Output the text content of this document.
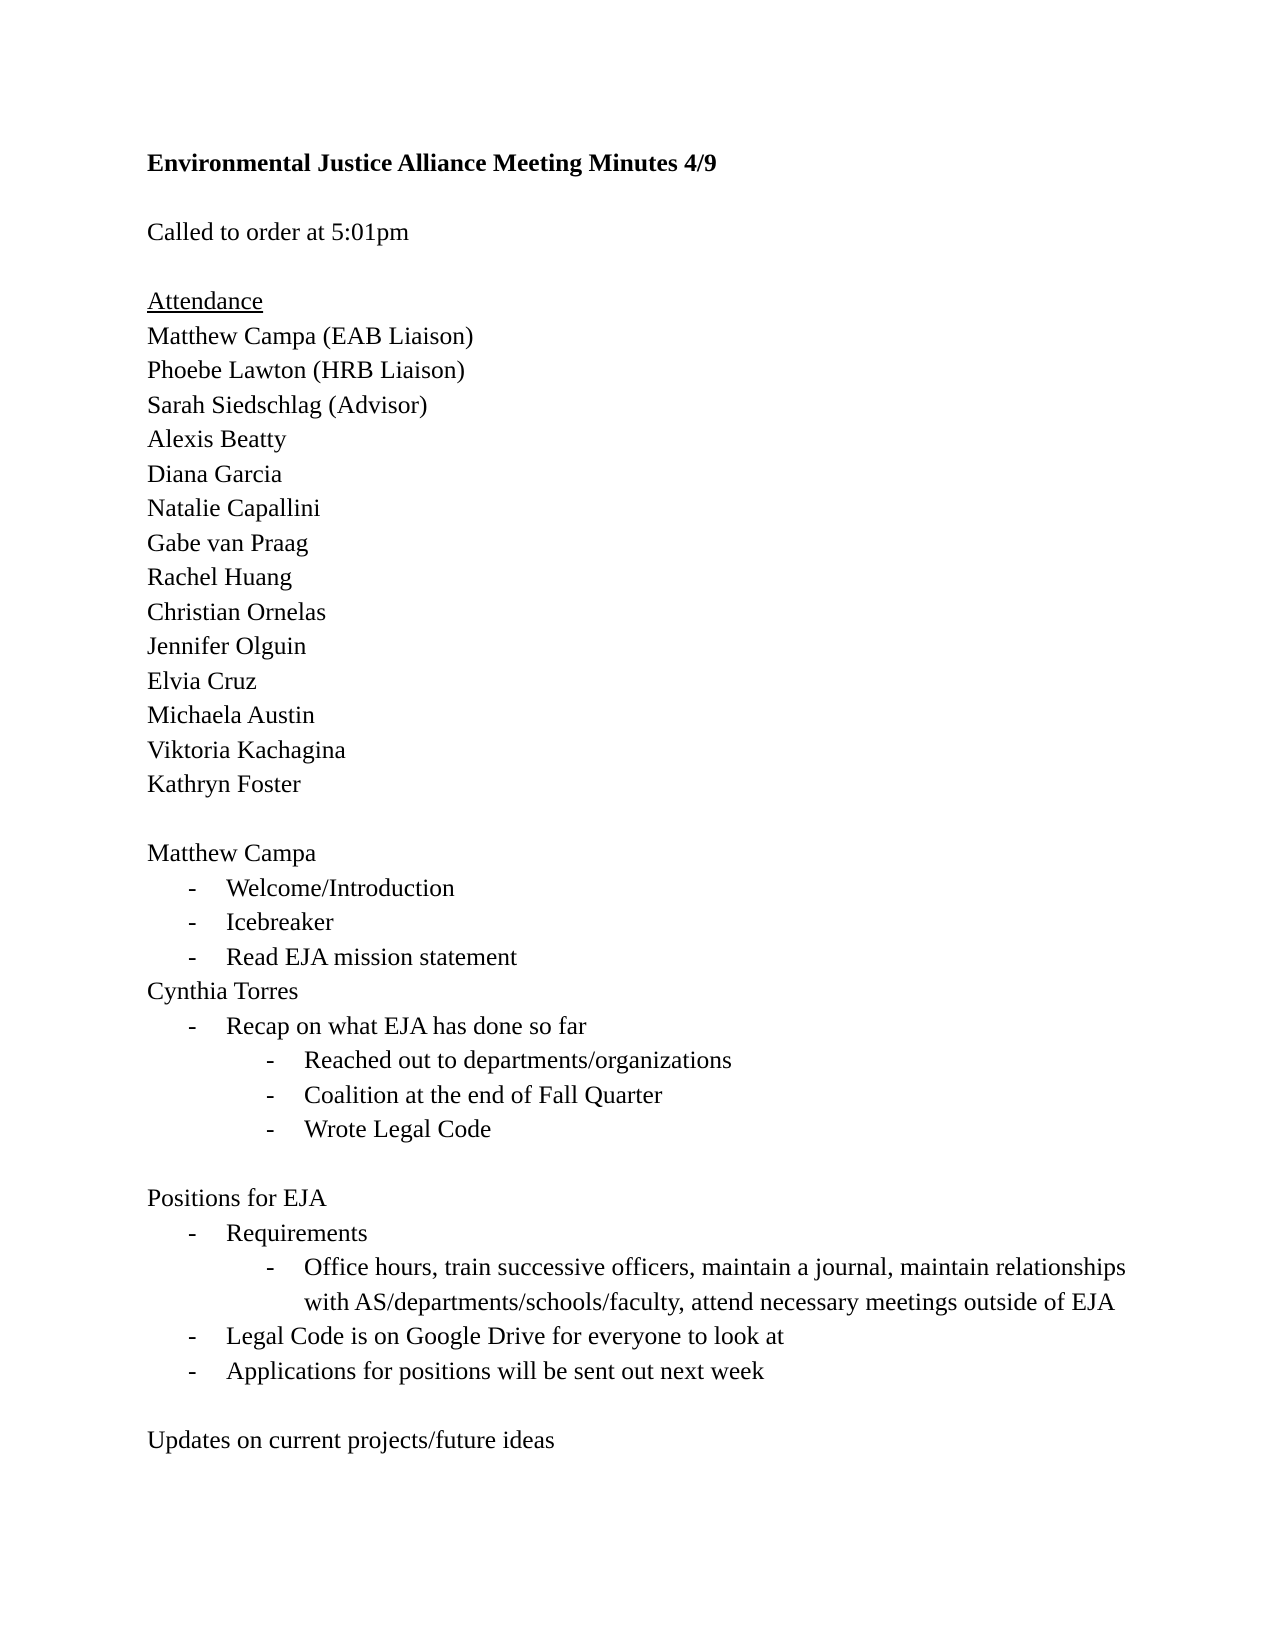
Environmental Justice Alliance Meeting Minutes 4/9
Called to order at 5:01pm
Attendance
Matthew Campa (EAB Liaison)
Phoebe Lawton (HRB Liaison)
Sarah Siedschlag (Advisor)
Alexis Beatty
Diana Garcia
Natalie Capallini
Gabe van Praag
Rachel Huang
Christian Ornelas
Jennifer Olguin
Elvia Cruz
Michaela Austin
Viktoria Kachagina
Kathryn Foster
Matthew Campa
- Welcome/Introduction
- Icebreaker
- Read EJA mission statement
Cynthia Torres
- Recap on what EJA has done so far
- Reached out to departments/organizations
- Coalition at the end of Fall Quarter
- Wrote Legal Code
Positions for EJA
- Requirements
- Office hours, train successive officers, maintain a journal, maintain relationships with AS/departments/schools/faculty, attend necessary meetings outside of EJA
- Legal Code is on Google Drive for everyone to look at
- Applications for positions will be sent out next week
Updates on current projects/future ideas
